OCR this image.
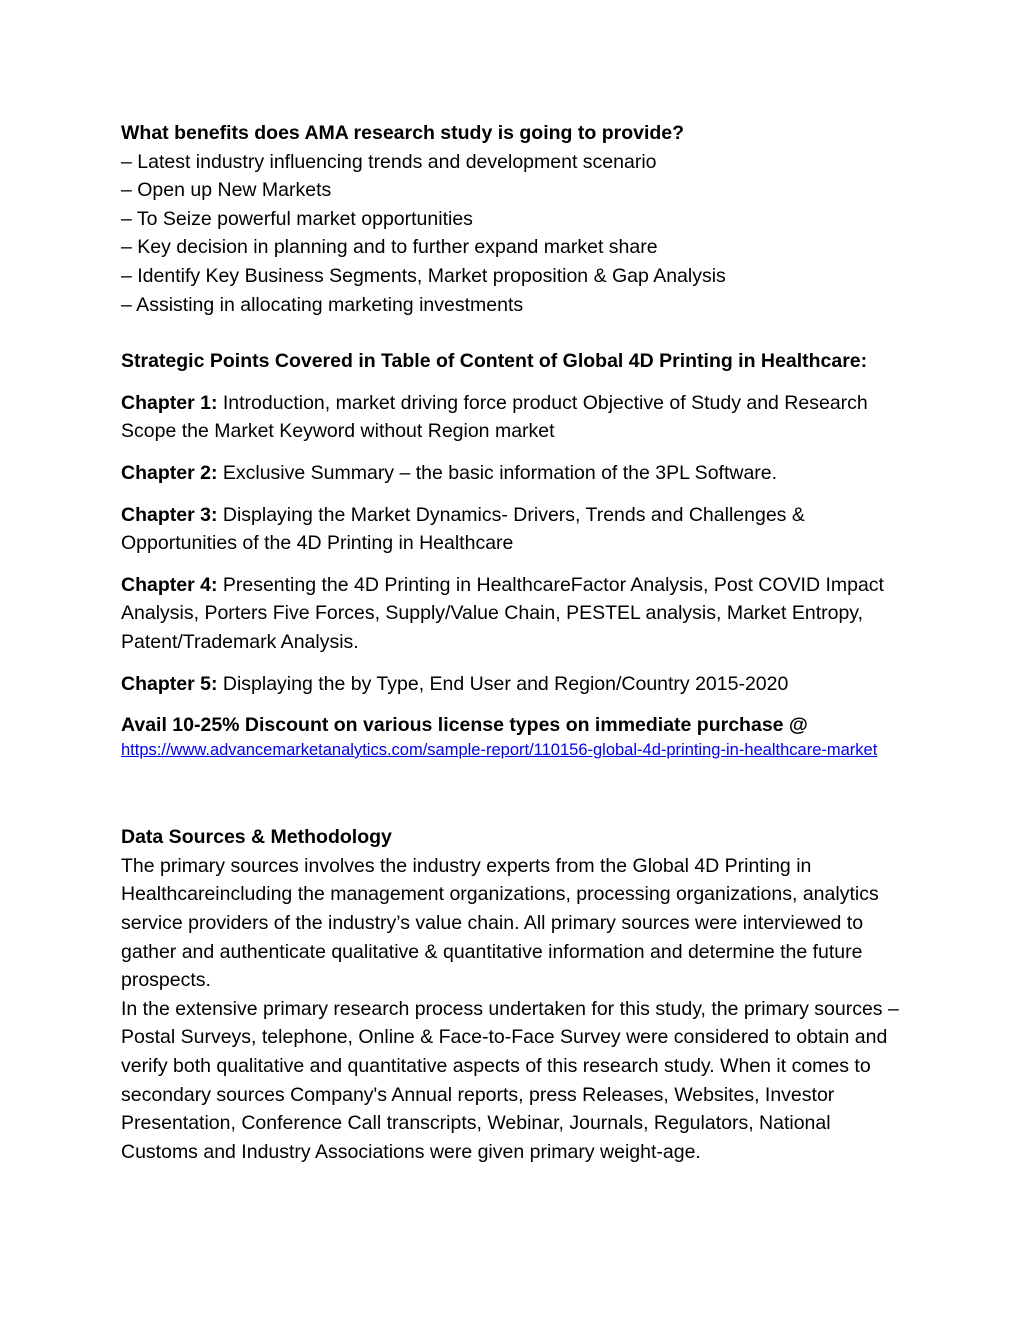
What benefits does AMA research study is going to provide?
– Latest industry influencing trends and development scenario
– Open up New Markets
– To Seize powerful market opportunities
– Key decision in planning and to further expand market share
– Identify Key Business Segments, Market proposition & Gap Analysis
– Assisting in allocating marketing investments
Strategic Points Covered in Table of Content of Global 4D Printing in Healthcare:

Chapter 1: Introduction, market driving force product Objective of Study and Research Scope the Market Keyword without Region market

Chapter 2: Exclusive Summary – the basic information of the 3PL Software.

Chapter 3: Displaying the Market Dynamics- Drivers, Trends and Challenges & Opportunities of the 4D Printing in Healthcare

Chapter 4: Presenting the 4D Printing in HealthcareFactor Analysis, Post COVID Impact Analysis, Porters Five Forces, Supply/Value Chain, PESTEL analysis, Market Entropy, Patent/Trademark Analysis.

Chapter 5: Displaying the by Type, End User and Region/Country 2015-2020

Avail 10-25% Discount on various license types on immediate purchase @
https://www.advancemarketanalytics.com/sample-report/110156-global-4d-printing-in-healthcare-market
Data Sources & Methodology

The primary sources involves the industry experts from the Global 4D Printing in Healthcareincluding the management organizations, processing organizations, analytics service providers of the industry’s value chain. All primary sources were interviewed to gather and authenticate qualitative & quantitative information and determine the future prospects.

In the extensive primary research process undertaken for this study, the primary sources – Postal Surveys, telephone, Online & Face-to-Face Survey were considered to obtain and verify both qualitative and quantitative aspects of this research study. When it comes to secondary sources Company's Annual reports, press Releases, Websites, Investor Presentation, Conference Call transcripts, Webinar, Journals, Regulators, National Customs and Industry Associations were given primary weight-age.
